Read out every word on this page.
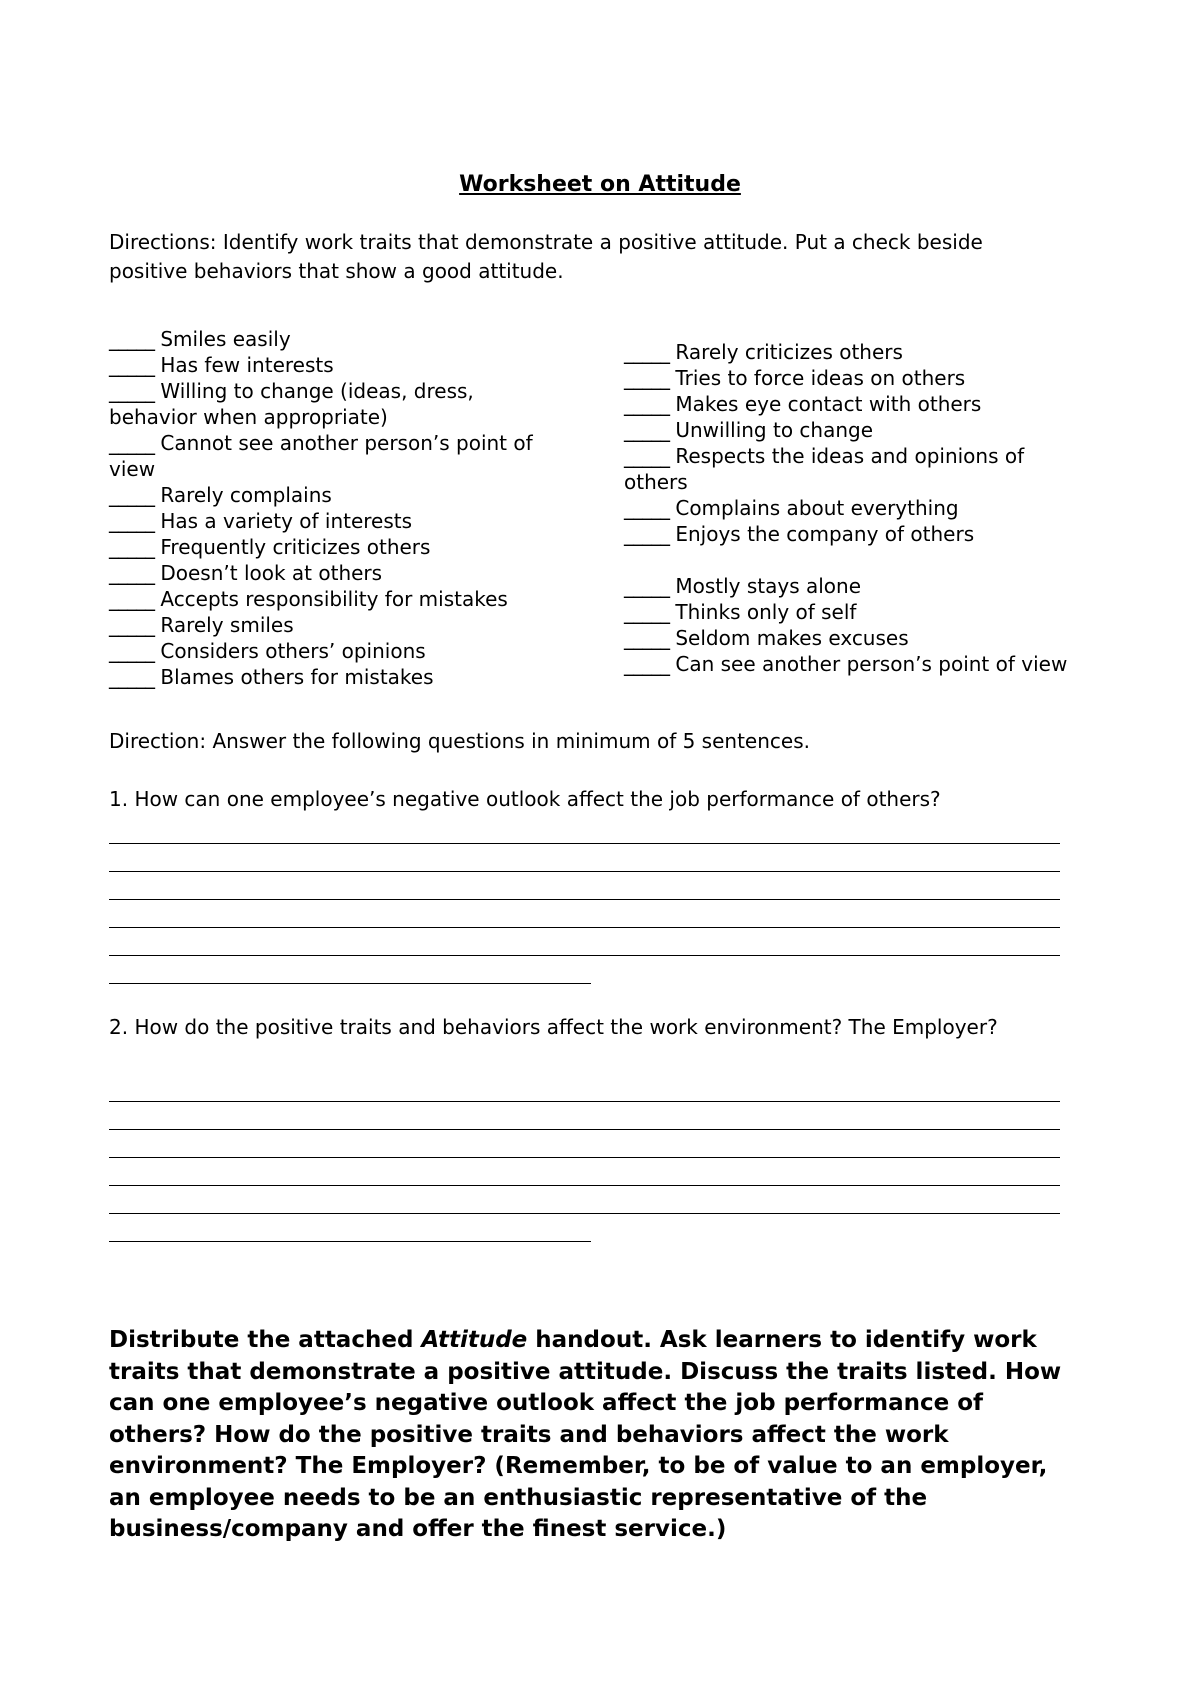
Worksheet on Attitude

Directions: Identify work traits that demonstrate a positive attitude. Put a check beside positive behaviors that show a good attitude.

_____ Smiles easily
_____ Has few interests
_____ Willing to change (ideas, dress, behavior when appropriate)
_____ Cannot see another person’s point of view
_____ Rarely complains
_____ Has a variety of interests
_____ Frequently criticizes others
_____ Doesn’t look at others
_____ Accepts responsibility for mistakes
_____ Rarely smiles
_____ Considers others’ opinions
_____ Blames others for mistakes
_____ Rarely criticizes others
_____ Tries to force ideas on others
_____ Makes eye contact with others
_____ Unwilling to change
_____ Respects the ideas and opinions of others
_____ Complains about everything
_____ Enjoys the company of others
_____ Mostly stays alone
_____ Thinks only of self
_____ Seldom makes excuses
_____ Can see another person’s point of view

Direction: Answer the following questions in minimum of 5 sentences.

1. How can one employee’s negative outlook affect the job performance of others?

2. How do the positive traits and behaviors affect the work environment? The Employer?

Distribute the attached Attitude handout. Ask learners to identify work traits that demonstrate a positive attitude. Discuss the traits listed. How can one employee’s negative outlook affect the job performance of others? How do the positive traits and behaviors affect the work environment? The Employer? (Remember, to be of value to an employer, an employee needs to be an enthusiastic representative of the business/company and offer the finest service.)
